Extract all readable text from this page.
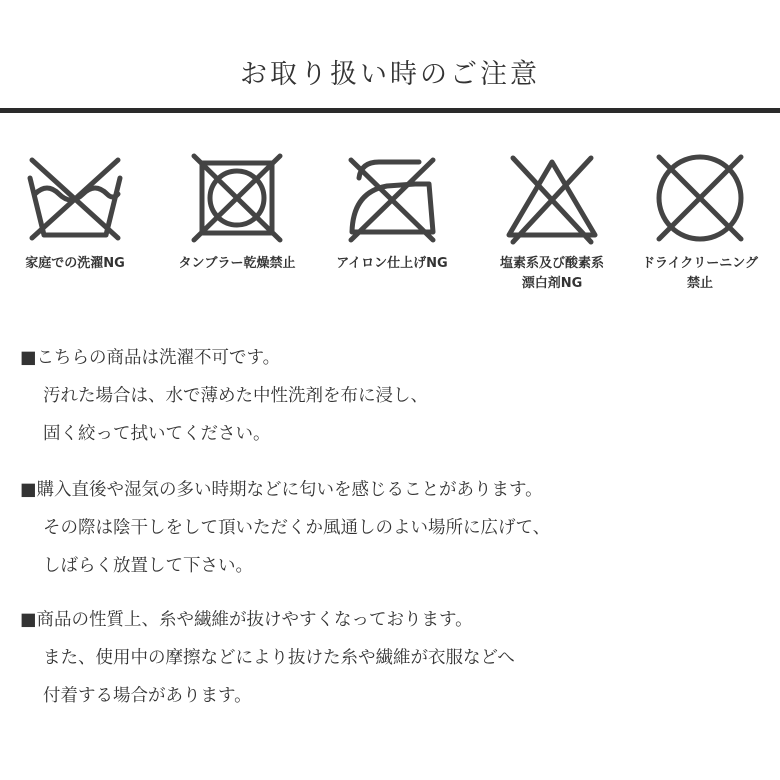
お取り扱い時のご注意
家庭での洗濯NG	タンブラー乾燥禁止	アイロン仕上げNG	塩素系及び酸素系
漂白剤NG
ドライクリーニング
禁止
■こちらの商品は洗濯不可です。
汚れた場合は、水で薄めた中性洗剤を布に浸し、
固く絞って拭いてください。
■購入直後や湿気の多い時期などに匂いを感じることがあります。
その際は陰干しをして頂いただくか風通しのよい場所に広げて、
しばらく放置して下さい。
■商品の性質上、糸や繊維が抜けやすくなっております。
また、使用中の摩擦などにより抜けた糸や繊維が衣服などへ
付着する場合があります。
